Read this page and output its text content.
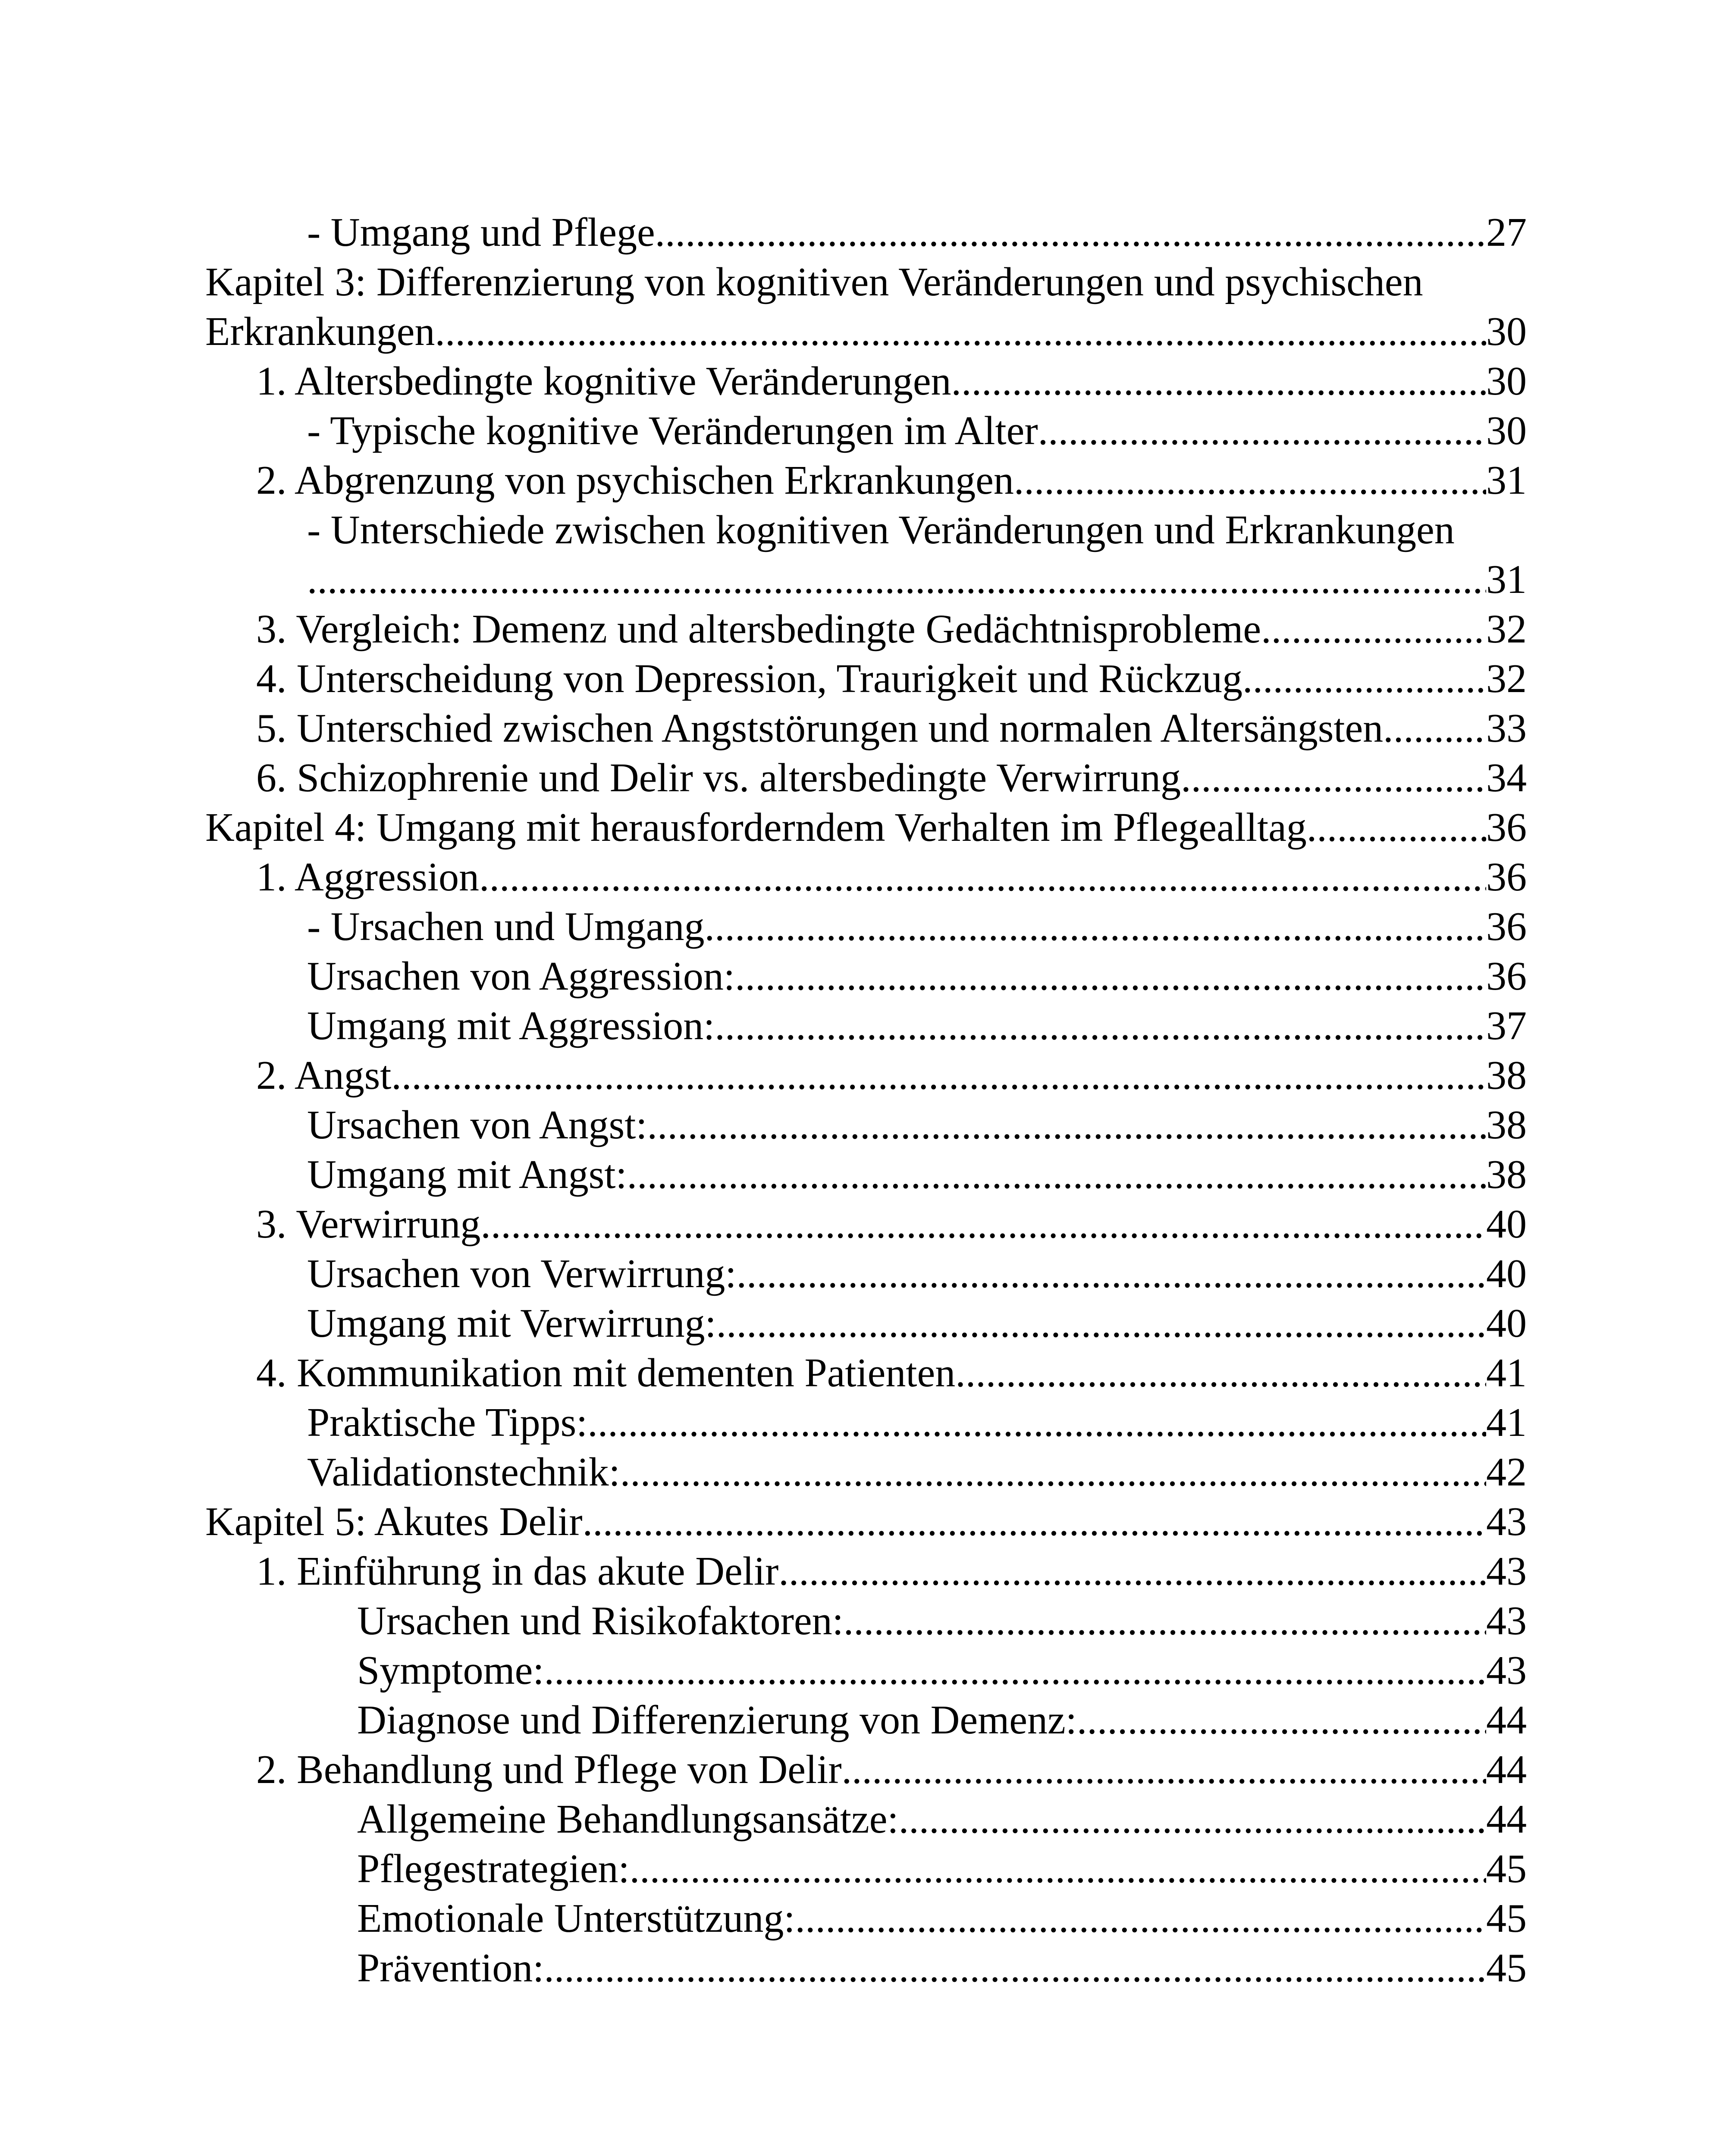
- Umgang und Pflege .....	27
Kapitel 3: Differenzierung von kognitiven Veränderungen und psychischen
Erkrankungen .....	30
1. Altersbedingte kognitive Veränderungen .....	30
- Typische kognitive Veränderungen im Alter .....	30
2. Abgrenzung von psychischen Erkrankungen .....	31
- Unterschiede zwischen kognitiven Veränderungen und Erkrankungen
.....
31
3. Vergleich: Demenz und altersbedingte Gedächtnisprobleme .....	32
4. Unterscheidung von Depression, Traurigkeit und Rückzug .....	32
5. Unterschied zwischen Angststörungen und normalen Altersängsten. ..... 33
6. Schizophrenie und Delir vs. altersbedingte Verwirrung .....	34
Kapitel 4: Umgang mit herausforderndem Verhalten im Pflegealltag .....	36
1. Aggression .....	36
- Ursachen und Umgang .....	36
Ursachen von Aggression: .....	36
Umgang mit Aggression: .....	37
2. Angst .....	38
Ursachen von Angst: .....	38
Umgang mit Angst: .....	38
3. Verwirrung .....	40
Ursachen von Verwirrung: .....	40
Umgang mit Verwirrung: .....	40
4. Kommunikation mit dementen Patienten .....	41
Praktische Tipps: .....	41
Validationstechnik: .....	42
Kapitel 5: Akutes Delir .....	43
1. Einführung in das akute Delir .....	43
Ursachen und Risikofaktoren: .....	43
Symptome: .....	43
Diagnose und Differenzierung von Demenz: .....	44
2. Behandlung und Pflege von Delir .....	44
Allgemeine Behandlungsansätze: .....	44
Pflegestrategien: .....	45
Emotionale Unterstützung: .....	45
Prävention: .....	45
